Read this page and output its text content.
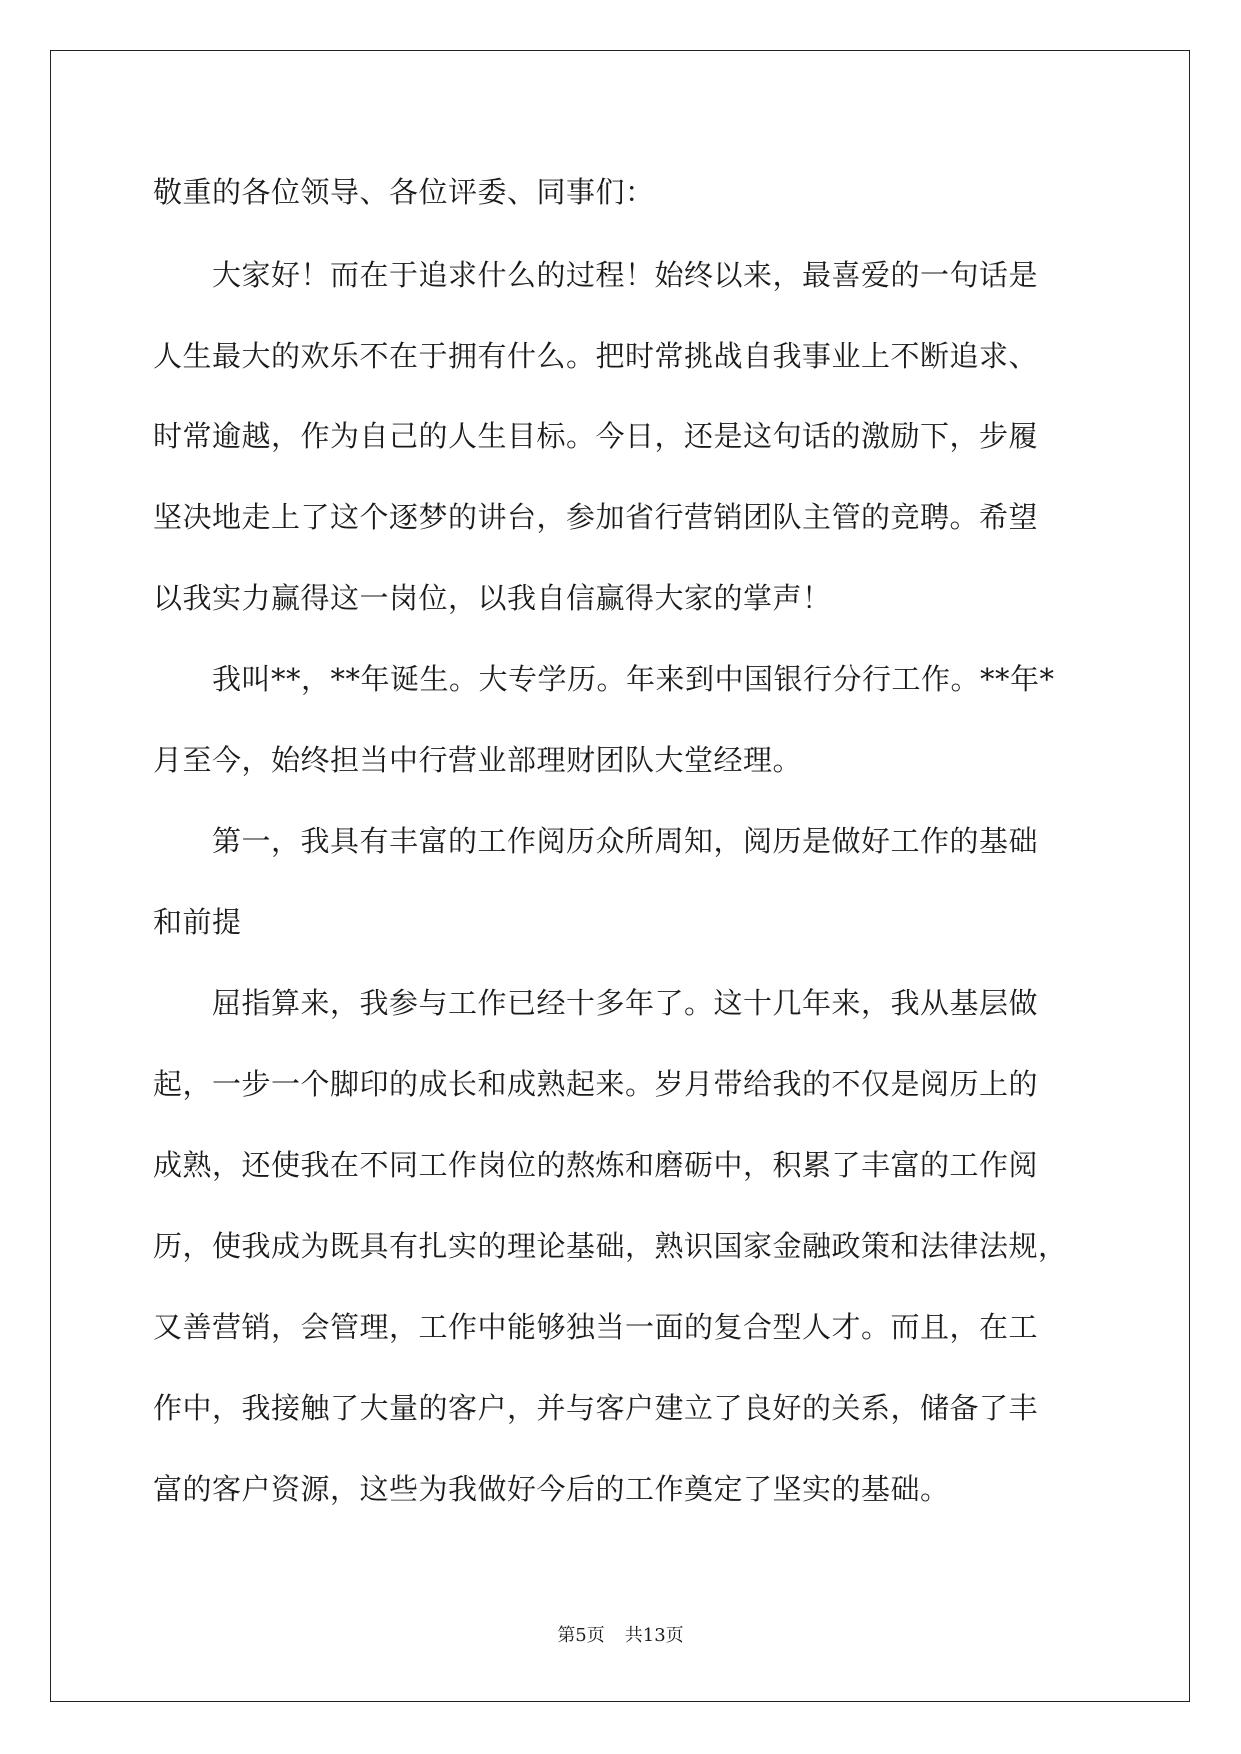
敬重的各位领导、各位评委、同事们：
大家好！而在于追求什么的过程！始终以来，最喜爱的一句话是
人生最大的欢乐不在于拥有什么。把时常挑战自我事业上不断追求、
时常逾越，作为自己的人生目标。今日，还是这句话的激励下，步履
坚决地走上了这个逐梦的讲台，参加省行营销团队主管的竞聘。希望
以我实力赢得这一岗位，以我自信赢得大家的掌声！
我叫**，**年诞生。大专学历。年来到中国银行分行工作。**年*
月至今，始终担当中行营业部理财团队大堂经理。
第一，我具有丰富的工作阅历众所周知，阅历是做好工作的基础
和前提
屈指算来，我参与工作已经十多年了。这十几年来，我从基层做
起，一步一个脚印的成长和成熟起来。岁月带给我的不仅是阅历上的
成熟，还使我在不同工作岗位的熬炼和磨砺中，积累了丰富的工作阅
历，使我成为既具有扎实的理论基础，熟识国家金融政策和法律法规，
又善营销，会管理，工作中能够独当一面的复合型人才。而且，在工
作中，我接触了大量的客户，并与客户建立了良好的关系，储备了丰
富的客户资源，这些为我做好今后的工作奠定了坚实的基础。
第5页 共13页
